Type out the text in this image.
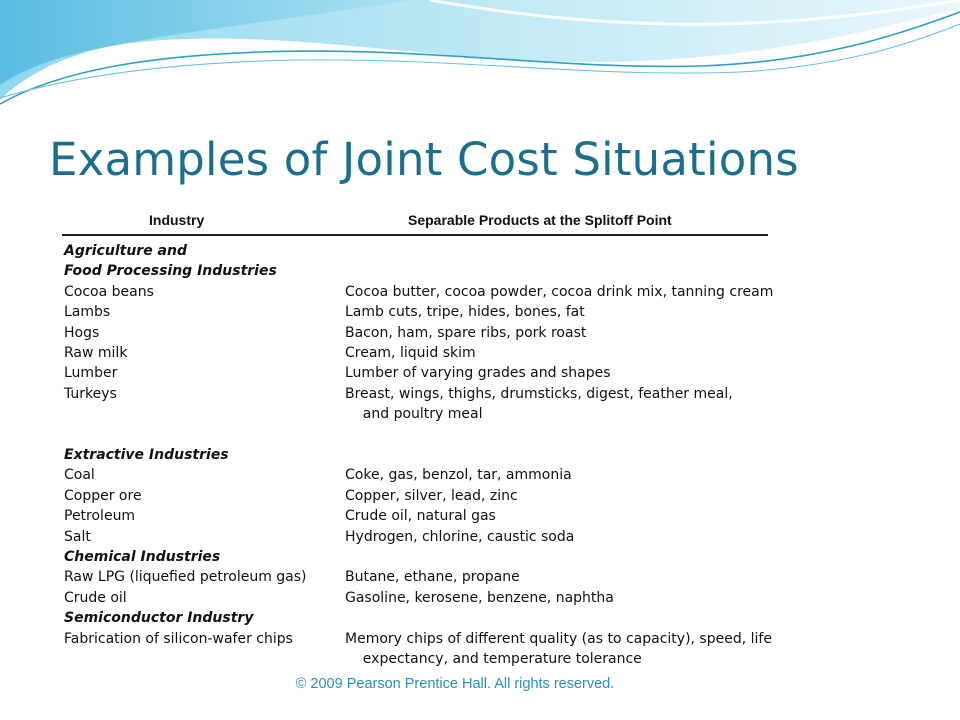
Examples of Joint Cost Situations
Industry	Separable Products at the Splitoff Point
Agriculture and
Food Processing Industries
Cocoa beans	Cocoa butter, cocoa powder, cocoa drink mix, tanning cream
Lambs	Lamb cuts, tripe, hides, bones, fat
Hogs	Bacon, ham, spare ribs, pork roast
Raw milk	Cream, liquid skim
Lumber	Lumber of varying grades and shapes
Turkeys	Breast, wings, thighs, drumsticks, digest, feather meal,
and poultry meal
Extractive Industries
Coal	Coke, gas, benzol, tar, ammonia
Copper ore	Copper, silver, lead, zinc
Petroleum	Crude oil, natural gas
Salt	Hydrogen, chlorine, caustic soda
Chemical Industries
Raw LPG (liquefied petroleum gas)	Butane, ethane, propane
Crude oil	Gasoline, kerosene, benzene, naphtha
Semiconductor Industry
Fabrication of silicon-wafer chips	Memory chips of different quality (as to capacity), speed, life
expectancy, and temperature tolerance
© 2009 Pearson Prentice Hall. All rights reserved.
